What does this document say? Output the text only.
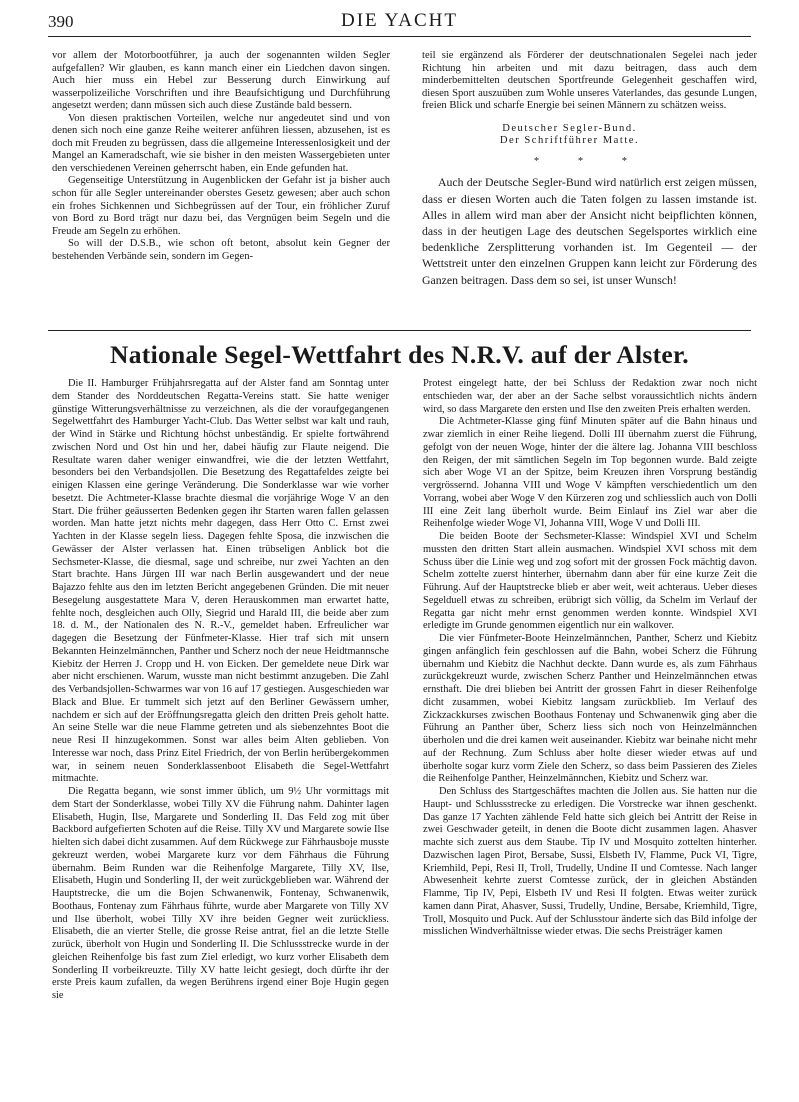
390	DIE YACHT

vor allem der Motorbootführer, ja auch der sogenannten wilden Segler aufgefallen? Wir glauben, es kann manch einer ein Liedchen davon singen. Auch hier muss ein Hebel zur Besserung durch Einwirkung auf wasserpolizeiliche Vorschriften und ihre Beaufsichtigung und Durchführung angesetzt werden; dann müssen sich auch diese Zustände bald bessern.

Von diesen praktischen Vorteilen, welche nur angedeutet sind und von denen sich noch eine ganze Reihe weiterer anführen liessen, abzusehen, ist es doch mit Freuden zu begrüssen, dass die allgemeine Interessenlosigkeit und der Mangel an Kameradschaft, wie sie bisher in den meisten Wassergebieten unter den verschiedenen Vereinen geherrscht haben, ein Ende gefunden hat.

Gegenseitige Unterstützung in Augenblicken der Gefahr ist ja bisher auch schon für alle Segler untereinander oberstes Gesetz gewesen; aber auch schon ein frohes Sichkennen und Sichbegrüssen auf der Tour, ein fröhlicher Zuruf von Bord zu Bord trägt nur dazu bei, das Vergnügen beim Segeln und die Freude am Segeln zu erhöhen.

So will der D.S.B., wie schon oft betont, absolut kein Gegner der bestehenden Verbände sein, sondern im Gegen-

teil sie ergänzend als Förderer der deutschnationalen Segelei nach jeder Richtung hin arbeiten und mit dazu beitragen, dass auch dem minderbemittelten deutschen Sportfreunde Gelegenheit geschaffen wird, diesen Sport auszuüben zum Wohle unseres Vaterlandes, das gesunde Lungen, freien Blick und scharfe Energie bei seinen Männern zu schätzen weiss.

Deutscher Segler-Bund.
Der Schriftführer Matte.
* * *

Auch der Deutsche Segler-Bund wird natürlich erst zeigen müssen, dass er diesen Worten auch die Taten folgen zu lassen imstande ist. Alles in allem wird man aber der Ansicht nicht beipflichten können, dass in der heutigen Lage des deutschen Segelsportes wirklich eine bedenkliche Zersplitterung vorhanden ist. Im Gegenteil — der Wettstreit unter den einzelnen Gruppen kann leicht zur Förderung des Ganzen beitragen. Dass dem so sei, ist unser Wunsch!

Nationale Segel-Wettfahrt des N.R.V. auf der Alster.

Die II. Hamburger Frühjahrsregatta auf der Alster fand am Sonntag unter dem Stander des Norddeutschen Regatta-Vereins statt. Sie hatte weniger günstige Witterungsverhältnisse zu verzeichnen, als die der voraufgegangenen Segelwettfahrt des Hamburger Yacht-Club. Das Wetter selbst war kalt und rauh, der Wind in Stärke und Richtung höchst unbeständig. Er spielte fortwährend zwischen Nord und Ost hin und her, dabei häufig zur Flaute neigend. Die Resultate waren daher weniger einwandfrei, wie die der letzten Wettfahrt, besonders bei den Verbandsjollen. Die Besetzung des Regattafeldes zeigte bei einigen Klassen eine geringe Veränderung. Die Sonderklasse war wie vorher besetzt. Die Achtmeter-Klasse brachte diesmal die vorjährige Woge V an den Start. Die früher geäusserten Bedenken gegen ihr Starten waren fallen gelassen worden. Man hatte jetzt nichts mehr dagegen, dass Herr Otto C. Ernst zwei Yachten in der Klasse segeln liess. Dagegen fehlte Sposa, die inzwischen die Gewässer der Alster verlassen hat. Einen trübseligen Anblick bot die Sechsmeter-Klasse, die diesmal, sage und schreibe, nur zwei Yachten an den Start brachte. Hans Jürgen III war nach Berlin ausgewandert und der neue Bajazzo fehlte aus den im letzten Bericht angegebenen Gründen. Die mit neuer Besegelung ausgestattete Mara V, deren Herauskommen man erwartet hatte, fehlte noch, desgleichen auch Olly, Siegrid und Harald III, die beide aber zum 18. d. M., der Nationalen des N. R.-V., gemeldet haben. Erfreulicher war dagegen die Besetzung der Fünfmeter-Klasse. Hier traf sich mit unsern Bekannten Heinzelmännchen, Panther und Scherz noch der neue Heidtmannsche Kiebitz der Herren J. Cropp und H. von Eicken. Der gemeldete neue Dirk war aber nicht erschienen. Warum, wusste man nicht bestimmt anzugeben. Die Zahl des Verbandsjollen-Schwarmes war von 16 auf 17 gestiegen. Ausgeschieden war Black and Blue. Er tummelt sich jetzt auf den Berliner Gewässern umher, nachdem er sich auf der Eröffnungsregatta gleich den dritten Preis geholt hatte. An seine Stelle war die neue Flamme getreten und als siebenzehntes Boot die neue Resi II hinzugekommen. Sonst war alles beim Alten geblieben. Von Interesse war noch, dass Prinz Eitel Friedrich, der von Berlin herübergekommen war, in seinem neuen Sonderklassenboot Elisabeth die Segel-Wettfahrt mitmachte.

Die Regatta begann, wie sonst immer üblich, um 9½ Uhr vormittags mit dem Start der Sonderklasse, wobei Tilly XV die Führung nahm. Dahinter lagen Elisabeth, Hugin, Ilse, Margarete und Sonderling II. Das Feld zog mit über Backbord aufgefierten Schoten auf die Reise. Tilly XV und Margarete sowie Ilse hielten sich dabei dicht zusammen. Auf dem Rückwege zur Fährhausboje musste gekreuzt werden, wobei Margarete kurz vor dem Fährhaus die Führung übernahm. Beim Runden war die Reihenfolge Margarete, Tilly XV, Ilse, Elisabeth, Hugin und Sonderling II, der weit zurückgeblieben war. Während der Hauptstrecke, die um die Bojen Schwanenwik, Fontenay, Schwanenwik, Boothaus, Fontenay zum Fährhaus führte, wurde aber Margarete von Tilly XV und Ilse überholt, wobei Tilly XV ihre beiden Gegner weit zurückliess. Elisabeth, die an vierter Stelle, die grosse Reise antrat, fiel an die letzte Stelle zurück, überholt von Hugin und Sonderling II. Die Schlussstrecke wurde in der gleichen Reihenfolge bis fast zum Ziel erledigt, wo kurz vorher Elisabeth dem Sonderling II vorbeikreuzte. Tilly XV hatte leicht gesiegt, doch dürfte ihr der erste Preis kaum zufallen, da wegen Berührens irgend einer Boje Hugin gegen sie

Protest eingelegt hatte, der bei Schluss der Redaktion zwar noch nicht entschieden war, der aber an der Sache selbst voraussichtlich nichts ändern wird, so dass Margarete den ersten und Ilse den zweiten Preis erhalten werden.

Die Achtmeter-Klasse ging fünf Minuten später auf die Bahn hinaus und zwar ziemlich in einer Reihe liegend. Dolli III übernahm zuerst die Führung, gefolgt von der neuen Woge, hinter der die ältere lag. Johanna VIII beschloss den Reigen, der mit sämtlichen Segeln im Top begonnen wurde. Bald zeigte sich aber Woge VI an der Spitze, beim Kreuzen ihren Vorsprung beständig vergrössernd. Johanna VIII und Woge V kämpften verschiedentlich um den Vorrang, wobei aber Woge V den Kürzeren zog und schliesslich auch von Dolli III eine Zeit lang überholt wurde. Beim Einlauf ins Ziel war aber die Reihenfolge wieder Woge VI, Johanna VIII, Woge V und Dolli III.

Die beiden Boote der Sechsmeter-Klasse: Windspiel XVI und Schelm mussten den dritten Start allein ausmachen. Windspiel XVI schoss mit dem Schuss über die Linie weg und zog sofort mit der grossen Fock mächtig davon. Schelm zottelte zuerst hinterher, übernahm dann aber für eine kurze Zeit die Führung. Auf der Hauptstrecke blieb er aber weit, weit achteraus. Ueber dieses Segelduell etwas zu schreiben, erübrigt sich völlig, da Schelm im Verlauf der Regatta gar nicht mehr ernst genommen werden konnte. Windspiel XVI erledigte im Grunde genommen eigentlich nur ein walkover.

Die vier Fünfmeter-Boote Heinzelmännchen, Panther, Scherz und Kiebitz gingen anfänglich fein geschlossen auf die Bahn, wobei Scherz die Führung übernahm und Kiebitz die Nachhut deckte. Dann wurde es, als zum Fährhaus zurückgekreuzt wurde, zwischen Scherz Panther und Heinzelmännchen etwas ernsthaft. Die drei blieben bei Antritt der grossen Fahrt in dieser Reihenfolge dicht zusammen, wobei Kiebitz langsam zurückblieb. Im Verlauf des Zickzackkurses zwischen Boothaus Fontenay und Schwanenwik ging aber die Führung an Panther über, Scherz liess sich noch von Heinzelmännchen überholen und die drei kamen weit auseinander. Kiebitz war beinahe nicht mehr auf der Rechnung. Zum Schluss aber holte dieser wieder etwas auf und überholte sogar kurz vorm Ziele den Scherz, so dass beim Passieren des Zieles die Reihenfolge Panther, Heinzelmännchen, Kiebitz und Scherz war.

Den Schluss des Startgeschäftes machten die Jollen aus. Sie hatten nur die Haupt- und Schlussstrecke zu erledigen. Die Vorstrecke war ihnen geschenkt. Das ganze 17 Yachten zählende Feld hatte sich gleich bei Antritt der Reise in zwei Geschwader geteilt, in denen die Boote dicht zusammen lagen. Ahasver machte sich zuerst aus dem Staube. Tip IV und Mosquito zottelten hinterher. Dazwischen lagen Pirot, Bersabe, Sussi, Elsbeth IV, Flamme, Puck VI, Tigre, Kriemhild, Pepi, Resi II, Troll, Trudelly, Undine II und Comtesse. Nach langer Abwesenheit kehrte zuerst Comtesse zurück, der in gleichen Abständen Flamme, Tip IV, Pepi, Elsbeth IV und Resi II folgten. Etwas weiter zurück kamen dann Pirat, Ahasver, Sussi, Trudelly, Undine, Bersabe, Kriemhild, Tigre, Troll, Mosquito und Puck. Auf der Schlusstour änderte sich das Bild infolge der misslichen Windverhältnisse wieder etwas. Die sechs Preisträger kamen
